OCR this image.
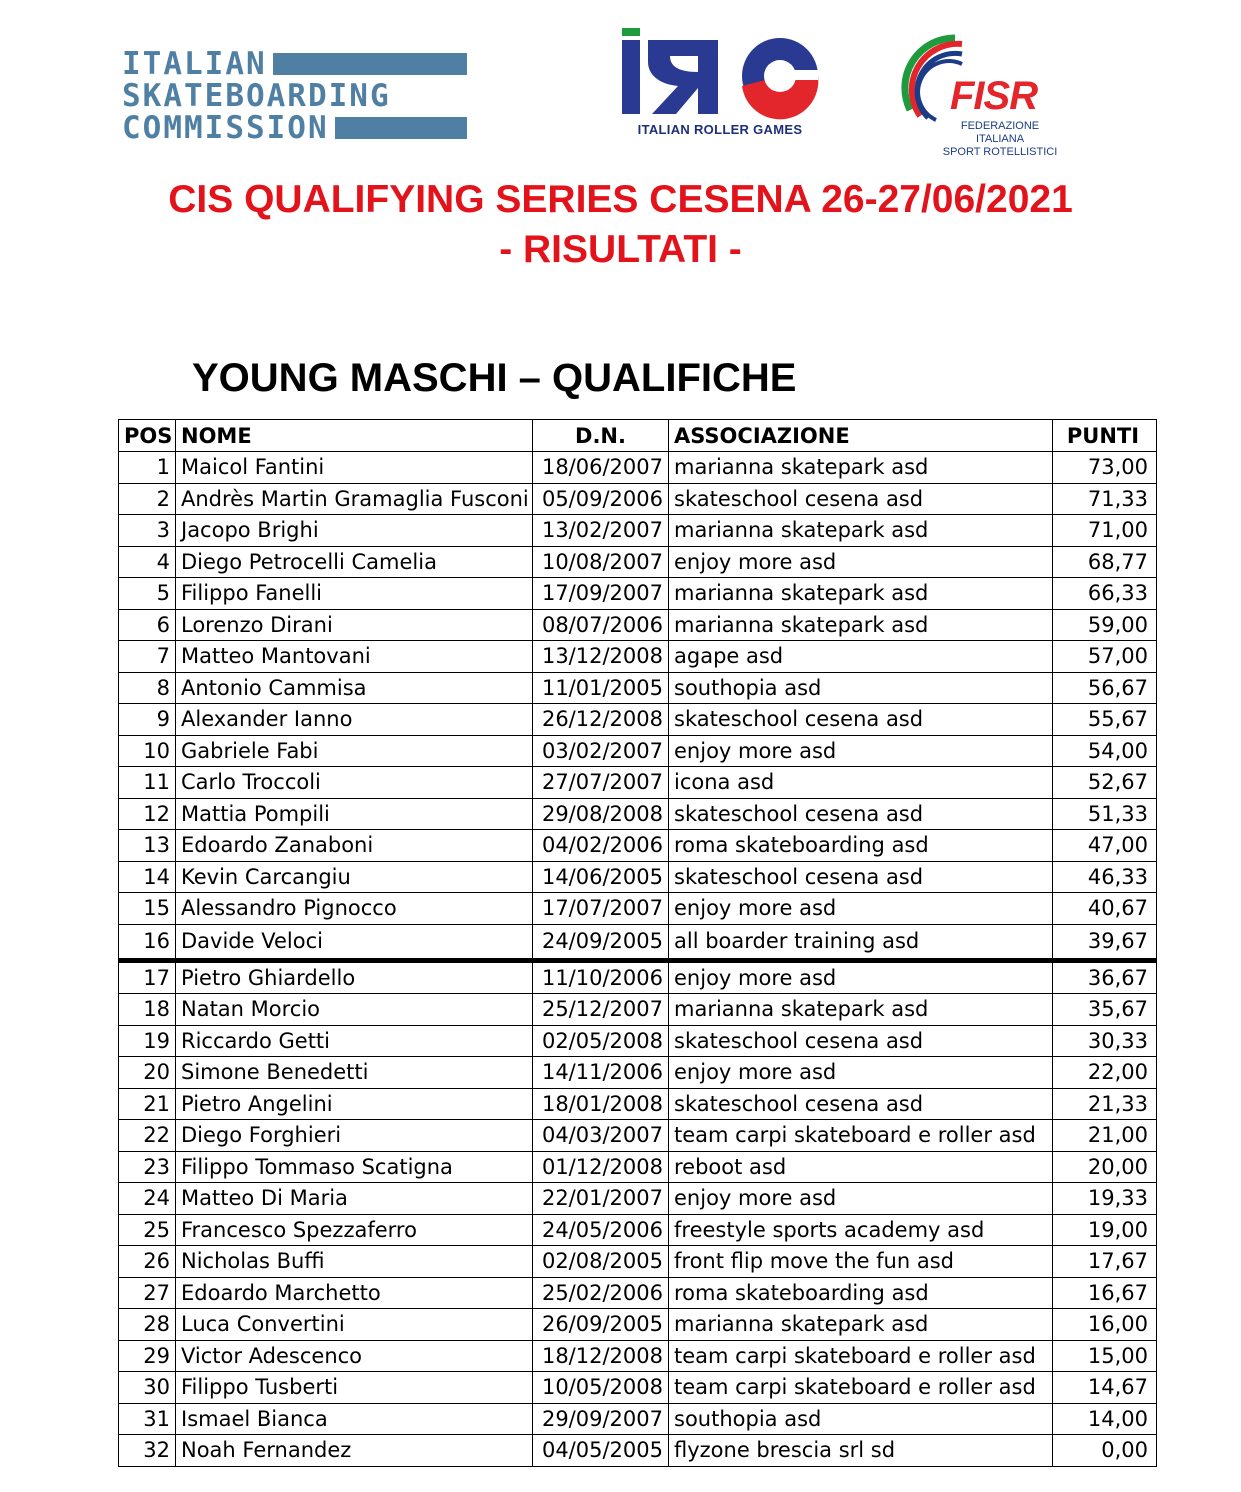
ITALIAN
SKATEBOARDING
COMMISSION	ITALIAN ROLLER GAMES
FISR
FEDERAZIONE ITALIANA
SPORT ROTELLISTICI
CIS QUALIFYING SERIES CESENA 26-27/06/2021
- RISULTATI -
YOUNG MASCHI – QUALIFICHE
POS	NOME	D.N.	ASSOCIAZIONE	PUNTI
1	Maicol Fantini	18/06/2007	marianna skatepark asd	73,00
2	Andrès Martin Gramaglia Fusconi	05/09/2006	skateschool cesena asd	71,33
3	Jacopo Brighi	13/02/2007	marianna skatepark asd	71,00
4	Diego Petrocelli Camelia	10/08/2007	enjoy more asd	68,77
5	Filippo Fanelli	17/09/2007	marianna skatepark asd	66,33
6	Lorenzo Dirani	08/07/2006	marianna skatepark asd	59,00
7	Matteo Mantovani	13/12/2008	agape asd	57,00
8	Antonio Cammisa	11/01/2005	southopia asd	56,67
9	Alexander Ianno	26/12/2008	skateschool cesena asd	55,67
10	Gabriele Fabi	03/02/2007	enjoy more asd	54,00
11	Carlo Troccoli	27/07/2007	icona asd	52,67
12	Mattia Pompili	29/08/2008	skateschool cesena asd	51,33
13	Edoardo Zanaboni	04/02/2006	roma skateboarding asd	47,00
14	Kevin Carcangiu	14/06/2005	skateschool cesena asd	46,33
15	Alessandro Pignocco	17/07/2007	enjoy more asd	40,67
16	Davide Veloci	24/09/2005	all boarder training asd	39,67
17	Pietro Ghiardello	11/10/2006	enjoy more asd	36,67
18	Natan Morcio	25/12/2007	marianna skatepark asd	35,67
19	Riccardo Getti	02/05/2008	skateschool cesena asd	30,33
20	Simone Benedetti	14/11/2006	enjoy more asd	22,00
21	Pietro Angelini	18/01/2008	skateschool cesena asd	21,33
22	Diego Forghieri	04/03/2007	team carpi skateboard e roller asd	21,00
23	Filippo Tommaso Scatigna	01/12/2008	reboot asd	20,00
24	Matteo Di Maria	22/01/2007	enjoy more asd	19,33
25	Francesco Spezzaferro	24/05/2006	freestyle sports academy asd	19,00
26	Nicholas Buffi	02/08/2005	front flip move the fun asd	17,67
27	Edoardo Marchetto	25/02/2006	roma skateboarding asd	16,67
28	Luca Convertini	26/09/2005	marianna skatepark asd	16,00
29	Victor Adescenco	18/12/2008	team carpi skateboard e roller asd	15,00
30	Filippo Tusberti	10/05/2008	team carpi skateboard e roller asd	14,67
31	Ismael Bianca	29/09/2007	southopia asd	14,00
32	Noah Fernandez	04/05/2005	flyzone brescia srl sd	0,00
